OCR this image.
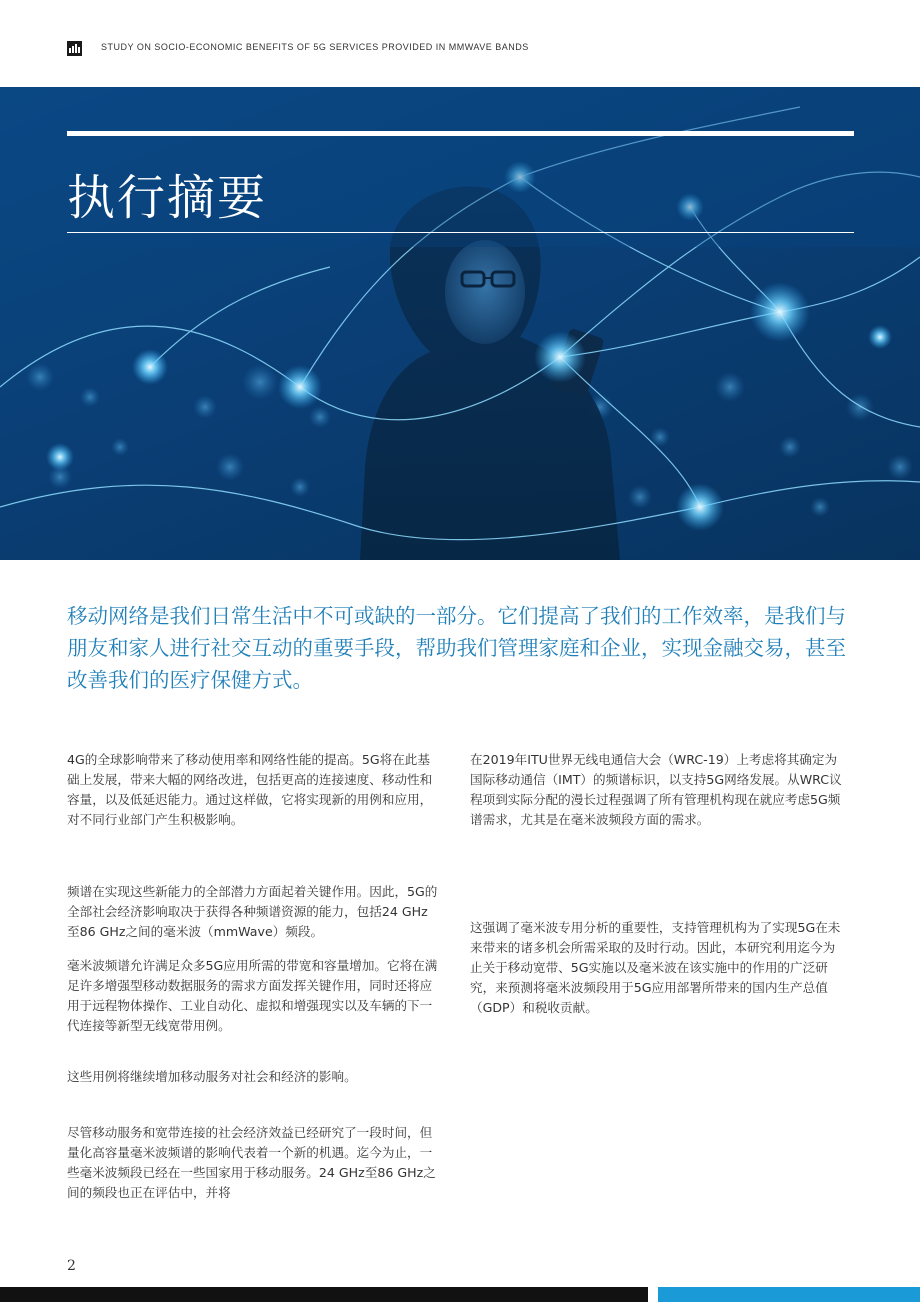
STUDY ON SOCIO-ECONOMIC BENEFITS OF 5G SERVICES PROVIDED IN MMWAVE BANDS
执行摘要
移动网络是我们日常生活中不可或缺的一部分。它们提高了我们的工作效率，是我们与朋友和家人进行社交互动的重要手段，帮助我们管理家庭和企业，实现金融交易，甚至改善我们的医疗保健方式。
4G的全球影响带来了移动使用率和网络性能的提高。5G将在此基础上发展，带来大幅的网络改进，包括更高的连接速度、移动性和容量，以及低延迟能力。通过这样做，它将实现新的用例和应用，对不同行业部门产生积极影响。
频谱在实现这些新能力的全部潜力方面起着关键作用。因此，5G的全部社会经济影响取决于获得各种频谱资源的能力，包括24 GHz至86 GHz之间的毫米波（mmWave）频段。
毫米波频谱允许满足众多5G应用所需的带宽和容量增加。它将在满足许多增强型移动数据服务的需求方面发挥关键作用，同时还将应用于远程物体操作、工业自动化、虚拟和增强现实以及车辆的下一代连接等新型无线宽带用例。
这些用例将继续增加移动服务对社会和经济的影响。
尽管移动服务和宽带连接的社会经济效益已经研究了一段时间，但量化高容量毫米波频谱的影响代表着一个新的机遇。迄今为止，一些毫米波频段已经在一些国家用于移动服务。24 GHz至86 GHz之间的频段也正在评估中，并将
在2019年ITU世界无线电通信大会（WRC-19）上考虑将其确定为国际移动通信（IMT）的频谱标识，以支持5G网络发展。从WRC议程项到实际分配的漫长过程强调了所有管理机构现在就应考虑5G频谱需求，尤其是在毫米波频段方面的需求。
这强调了毫米波专用分析的重要性，支持管理机构为了实现5G在未来带来的诸多机会所需采取的及时行动。因此，本研究利用迄今为止关于移动宽带、5G实施以及毫米波在该实施中的作用的广泛研究，来预测将毫米波频段用于5G应用部署所带来的国内生产总值（GDP）和税收贡献。
2
